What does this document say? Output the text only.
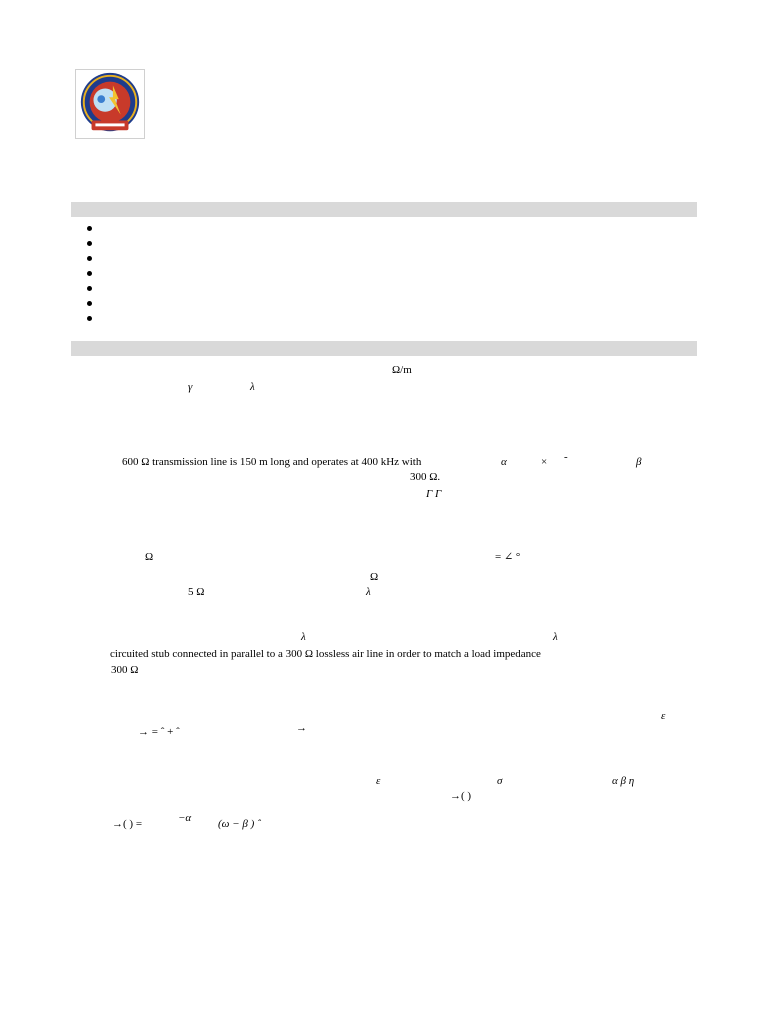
Ω/m
γ	λ
600 Ω transmission line is 150 m long and operates at 400 kHz with	α	× -	β
300 Ω.
Γ Γ
Ω	= ∠ °
Ω
5 Ω	λ
λ	λ
circuited stub connected in parallel to a 300 Ω lossless air line in order to match a load impedance
300 Ω
ε
→ = ˆ + ˆ	→
ε	σ	α β η
→( )
→( ) =	−α (ω − β ) ˆ
